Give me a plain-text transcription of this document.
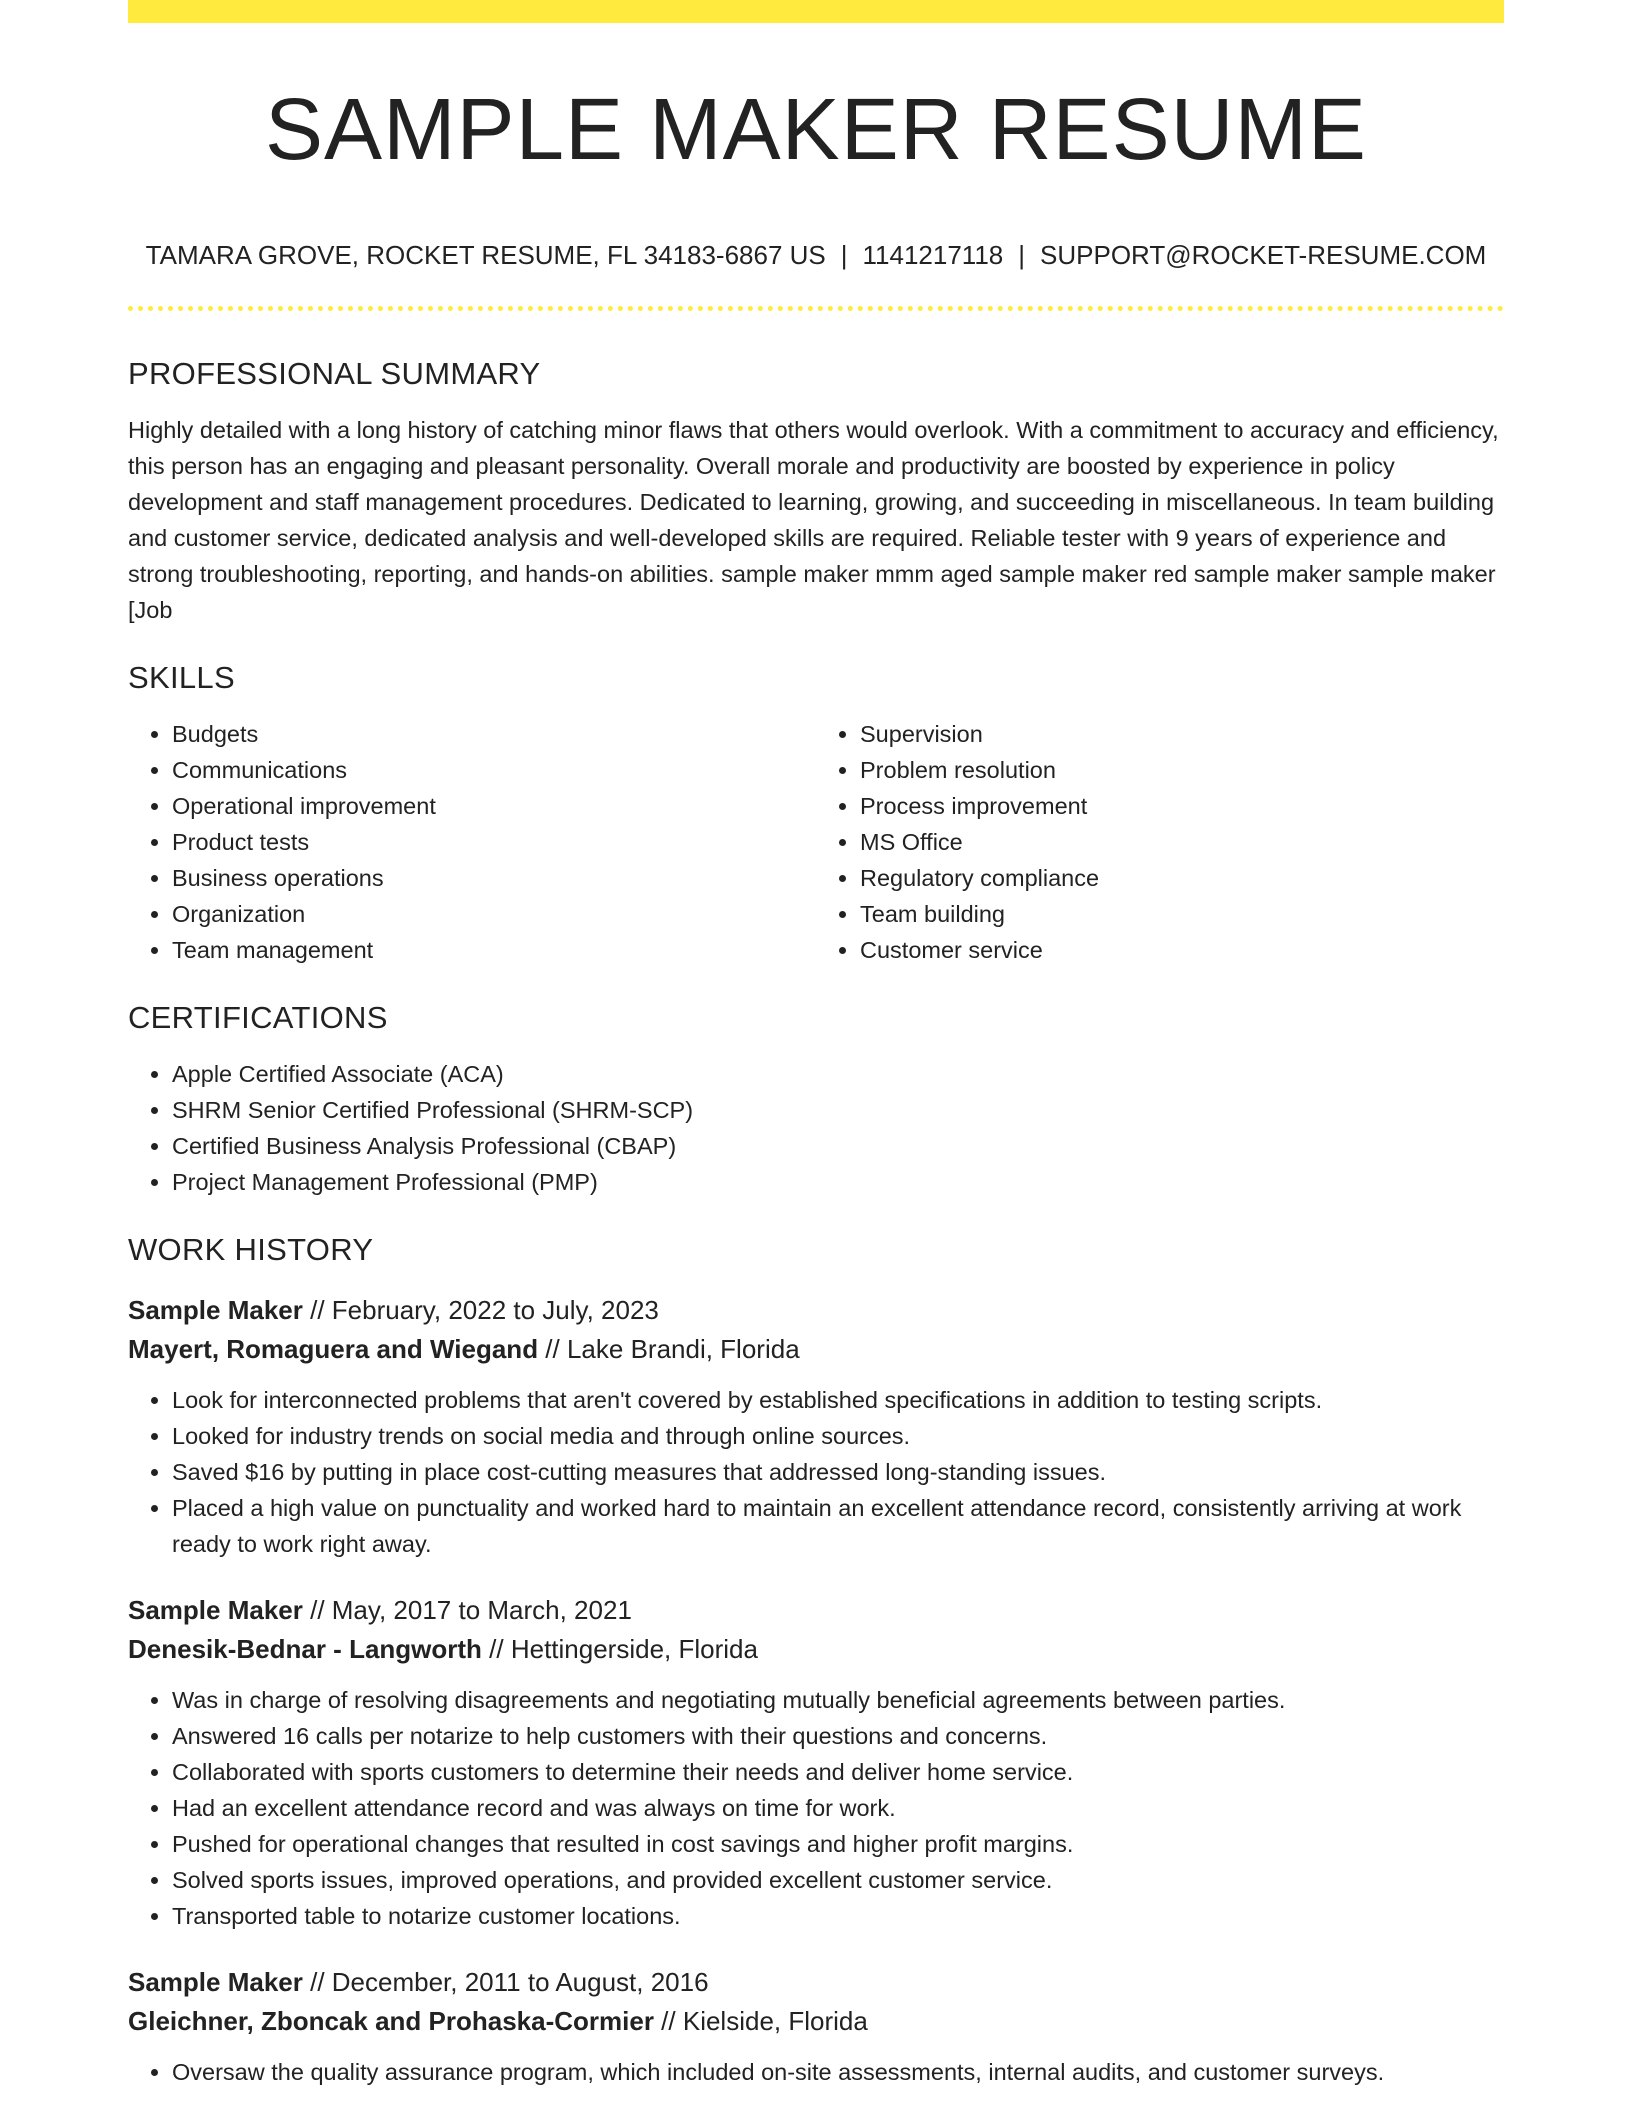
SAMPLE MAKER RESUME
TAMARA GROVE, ROCKET RESUME, FL 34183-6867 US | 1141217118 | SUPPORT@ROCKET-RESUME.COM
PROFESSIONAL SUMMARY

Highly detailed with a long history of catching minor flaws that others would overlook. With a commitment to accuracy and efficiency, this person has an engaging and pleasant personality. Overall morale and productivity are boosted by experience in policy development and staff management procedures. Dedicated to learning, growing, and succeeding in miscellaneous. In team building and customer service, dedicated analysis and well-developed skills are required. Reliable tester with 9 years of experience and strong troubleshooting, reporting, and hands-on abilities. sample maker mmm aged sample maker red sample maker sample maker [Job

SKILLS
• Budgets
• Communications
• Operational improvement
• Product tests
• Business operations
• Organization
• Team management
• Supervision
• Problem resolution
• Process improvement
• MS Office
• Regulatory compliance
• Team building
• Customer service
CERTIFICATIONS
• Apple Certified Associate (ACA)
• SHRM Senior Certified Professional (SHRM-SCP)
• Certified Business Analysis Professional (CBAP)
• Project Management Professional (PMP)
WORK HISTORY

Sample Maker // February, 2022 to July, 2023

Mayert, Romaguera and Wiegand // Lake Brandi, Florida

• Look for interconnected problems that aren't covered by established specifications in addition to testing scripts.
• Looked for industry trends on social media and through online sources.
• Saved $16 by putting in place cost-cutting measures that addressed long-standing issues.
• Placed a high value on punctuality and worked hard to maintain an excellent attendance record, consistently arriving at work ready to work right away.

Sample Maker // May, 2017 to March, 2021

Denesik-Bednar - Langworth // Hettingerside, Florida

• Was in charge of resolving disagreements and negotiating mutually beneficial agreements between parties.
• Answered 16 calls per notarize to help customers with their questions and concerns.
• Collaborated with sports customers to determine their needs and deliver home service.
• Had an excellent attendance record and was always on time for work.
• Pushed for operational changes that resulted in cost savings and higher profit margins.
• Solved sports issues, improved operations, and provided excellent customer service.
• Transported table to notarize customer locations.

Sample Maker // December, 2011 to August, 2016

Gleichner, Zboncak and Prohaska-Cormier // Kielside, Florida

• Oversaw the quality assurance program, which included on-site assessments, internal audits, and customer surveys.
